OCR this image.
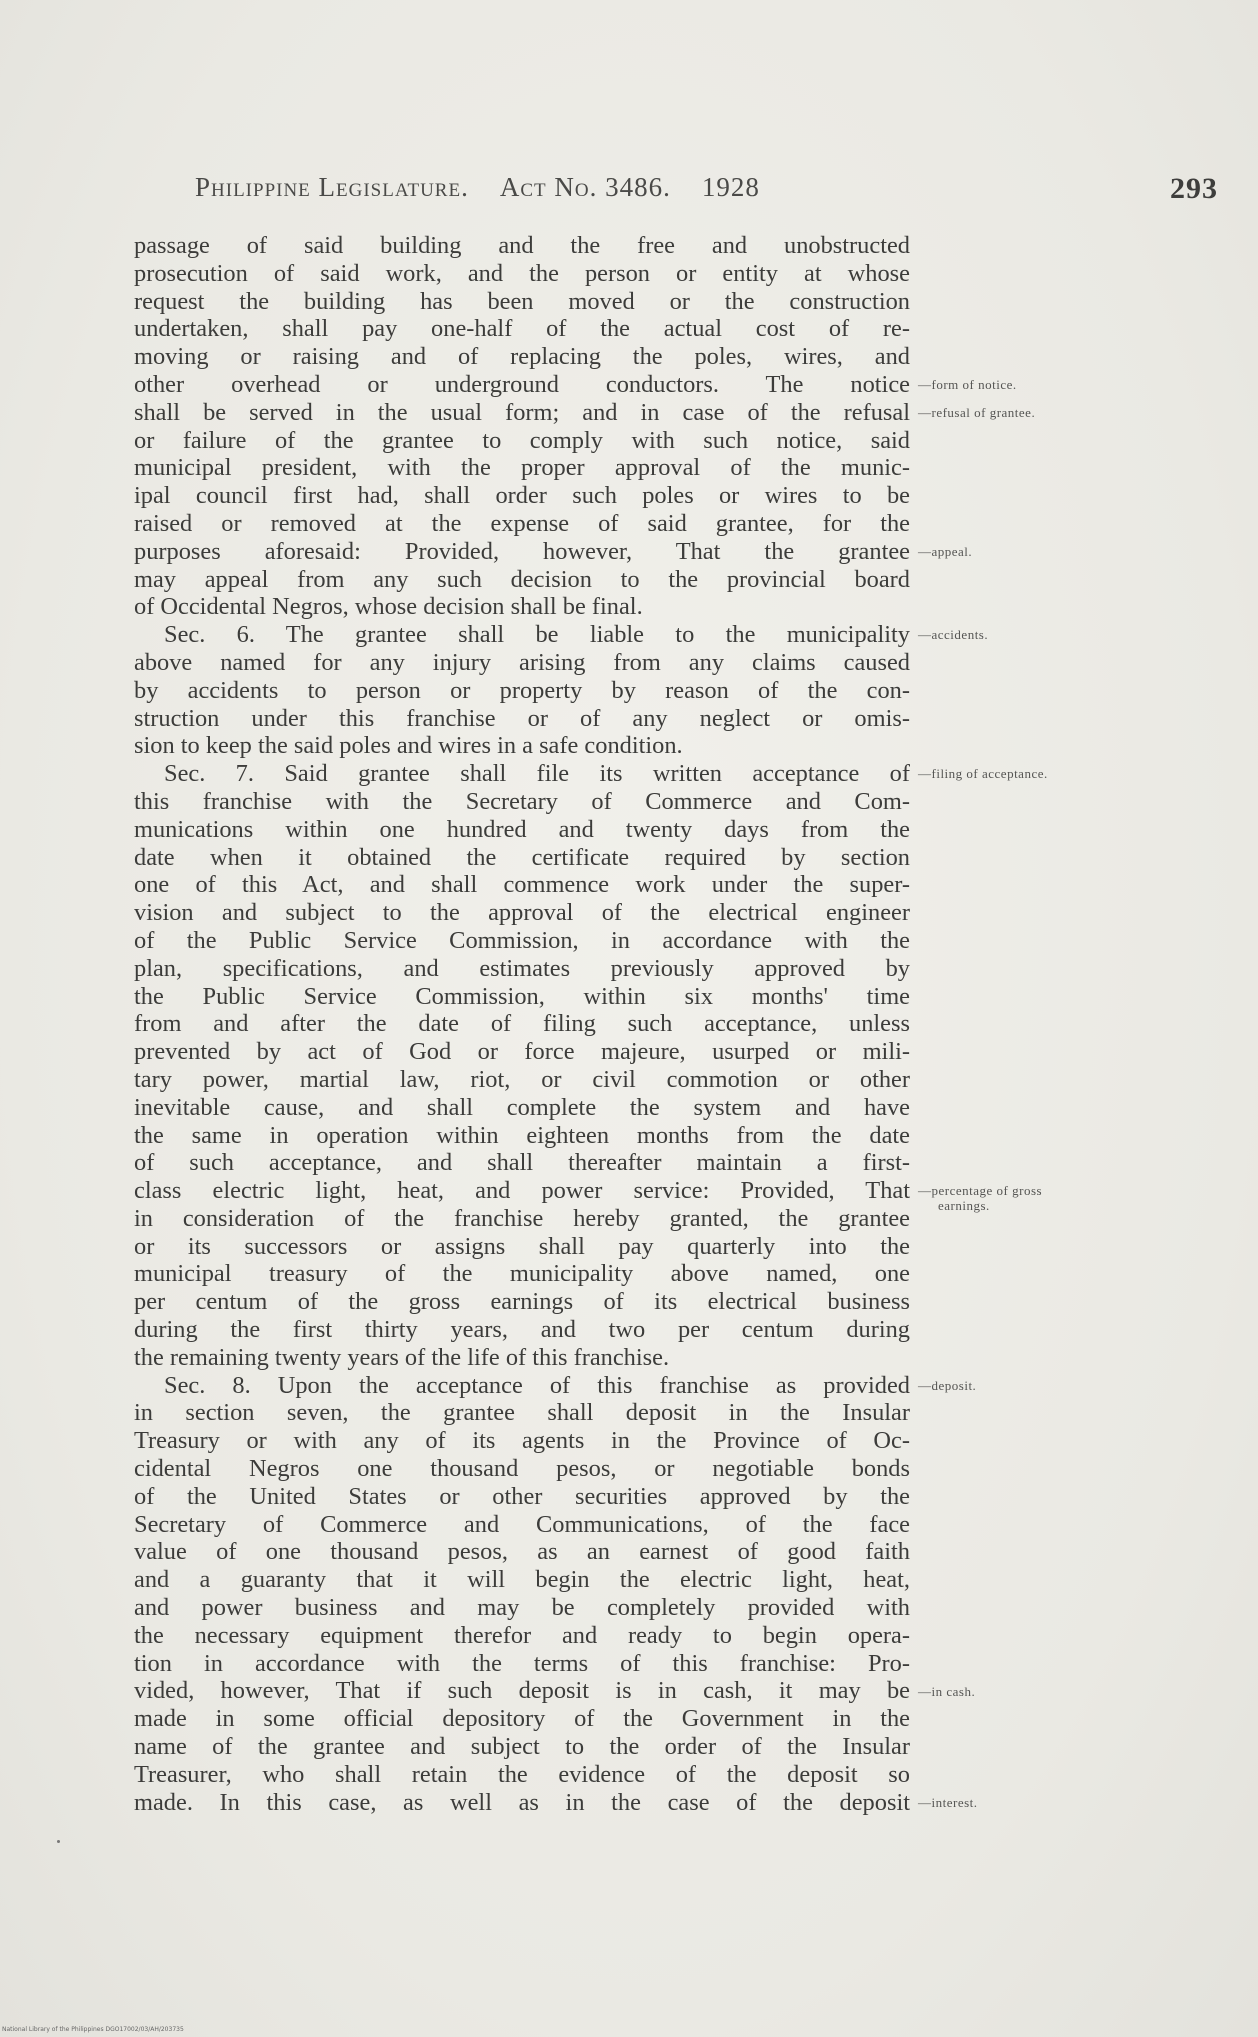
Philippine Legislature. Act No. 3486. 1928	293
passage of said building and the free and unobstructed
prosecution of said work, and the person or entity at whose
request the building has been moved or the construction
undertaken, shall pay one-half of the actual cost of re-
moving or raising and of replacing the poles, wires, and
other overhead or underground conductors. The notice
shall be served in the usual form; and in case of the refusal
or failure of the grantee to comply with such notice, said
municipal president, with the proper approval of the munic-
ipal council first had, shall order such poles or wires to be
raised or removed at the expense of said grantee, for the
purposes aforesaid: Provided, however, That the grantee
may appeal from any such decision to the provincial board
of Occidental Negros, whose decision shall be final.
Sec. 6. The grantee shall be liable to the municipality
above named for any injury arising from any claims caused
by accidents to person or property by reason of the con-
struction under this franchise or of any neglect or omis-
sion to keep the said poles and wires in a safe condition.
Sec. 7. Said grantee shall file its written acceptance of
this franchise with the Secretary of Commerce and Com-
munications within one hundred and twenty days from the
date when it obtained the certificate required by section
one of this Act, and shall commence work under the super-
vision and subject to the approval of the electrical engineer
of the Public Service Commission, in accordance with the
plan, specifications, and estimates previously approved by
the Public Service Commission, within six months' time
from and after the date of filing such acceptance, unless
prevented by act of God or force majeure, usurped or mili-
tary power, martial law, riot, or civil commotion or other
inevitable cause, and shall complete the system and have
the same in operation within eighteen months from the date
of such acceptance, and shall thereafter maintain a first-
class electric light, heat, and power service: Provided, That
in consideration of the franchise hereby granted, the grantee
or its successors or assigns shall pay quarterly into the
municipal treasury of the municipality above named, one
per centum of the gross earnings of its electrical business
during the first thirty years, and two per centum during
the remaining twenty years of the life of this franchise.
Sec. 8. Upon the acceptance of this franchise as provided
in section seven, the grantee shall deposit in the Insular
Treasury or with any of its agents in the Province of Oc-
cidental Negros one thousand pesos, or negotiable bonds
of the United States or other securities approved by the
Secretary of Commerce and Communications, of the face
value of one thousand pesos, as an earnest of good faith
and a guaranty that it will begin the electric light, heat,
and power business and may be completely provided with
the necessary equipment therefor and ready to begin opera-
tion in accordance with the terms of this franchise: Pro-
vided, however, That if such deposit is in cash, it may be
made in some official depository of the Government in the
name of the grantee and subject to the order of the Insular
Treasurer, who shall retain the evidence of the deposit so
made. In this case, as well as in the case of the deposit
—form of notice.
—refusal of grantee.
—appeal.
—accidents.
—filing of acceptance.
—percentage of gross
earnings.
—deposit.
—in cash.
—interest.
National Library of the Philippines DGO17002/03/AH/203735
